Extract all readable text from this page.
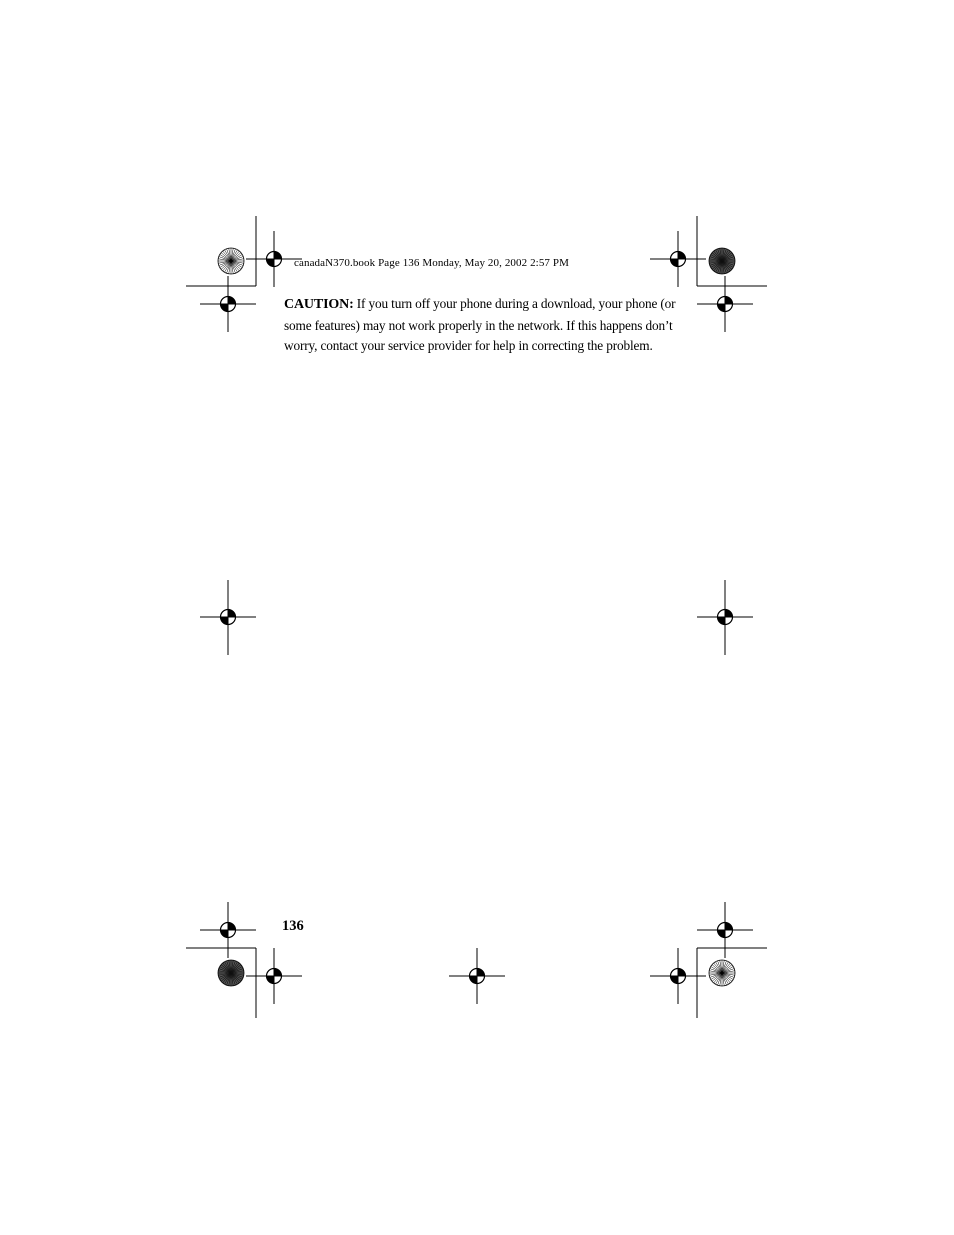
canadaN370.book Page 136 Monday, May 20, 2002 2:57 PM
CAUTION: If you turn off your phone during a download, your phone (or some features) may not work properly in the network. If this happens don’t worry, contact your service provider for help in correcting the problem.
136
